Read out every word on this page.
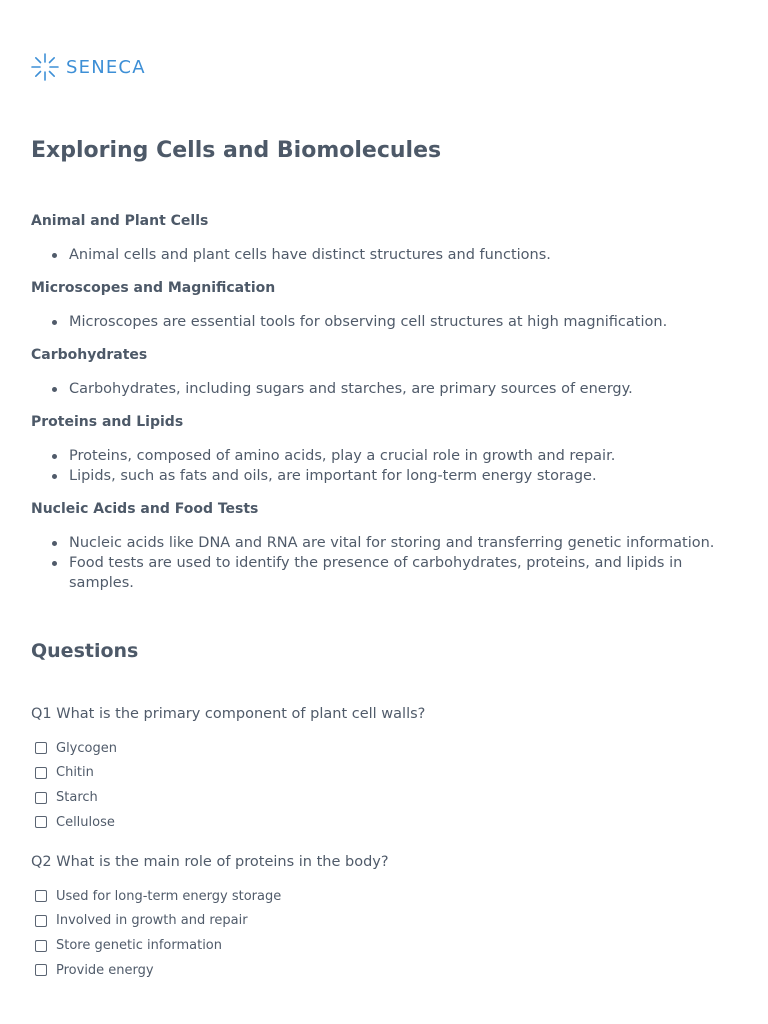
SENECA
Exploring Cells and Biomolecules
Animal and Plant Cells
Animal cells and plant cells have distinct structures and functions.
Microscopes and Magnification
Microscopes are essential tools for observing cell structures at high magnification.
Carbohydrates
Carbohydrates, including sugars and starches, are primary sources of energy.
Proteins and Lipids
Proteins, composed of amino acids, play a crucial role in growth and repair.
Lipids, such as fats and oils, are important for long-term energy storage.
Nucleic Acids and Food Tests
Nucleic acids like DNA and RNA are vital for storing and transferring genetic information.
Food tests are used to identify the presence of carbohydrates, proteins, and lipids in samples.
Questions

Q1 What is the primary component of plant cell walls?

Glycogen
Chitin
Starch
Cellulose

Q2 What is the main role of proteins in the body?

Used for long-term energy storage
Involved in growth and repair
Store genetic information
Provide energy
